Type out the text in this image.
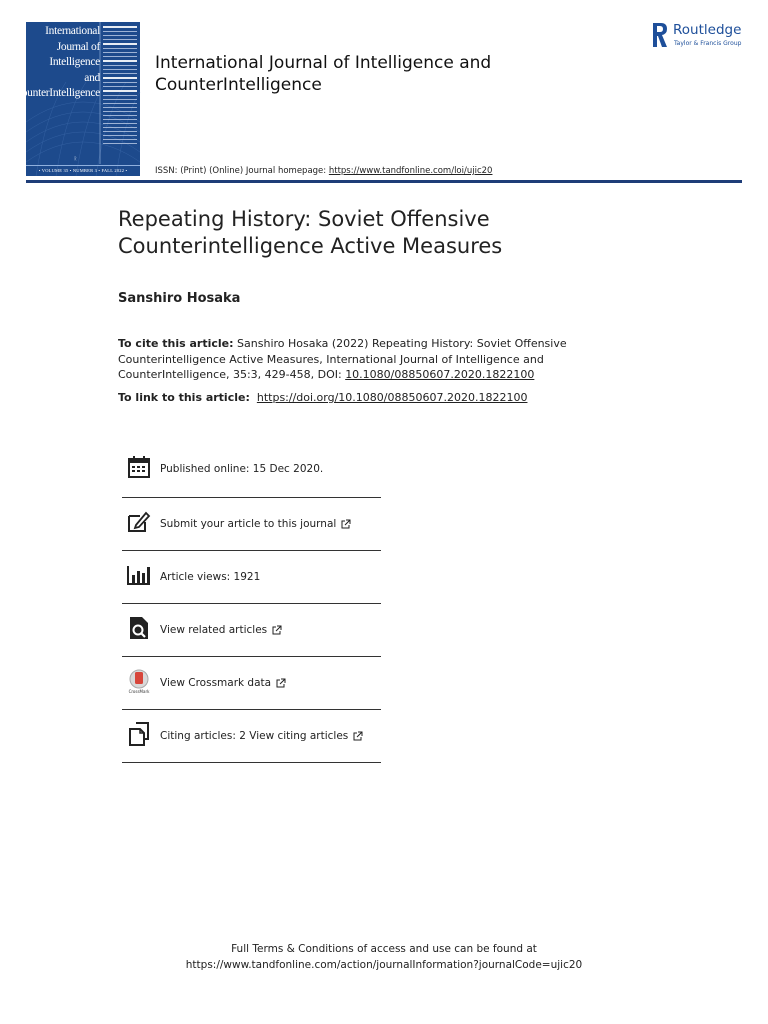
International
Journal of
Intelligence
and
CounterIntelligence
ᚱ
• VOLUME 35 • NUMBER 3 • FALL 2022 •
International Journal of Intelligence and CounterIntelligence
ISSN: (Print) (Online) Journal homepage: https://www.tandfonline.com/loi/ujic20
Routledge
Taylor & Francis Group
Repeating History: Soviet Offensive Counterintelligence Active Measures
Sanshiro Hosaka
To cite this article: Sanshiro Hosaka (2022) Repeating History: Soviet Offensive Counterintelligence Active Measures, International Journal of Intelligence and CounterIntelligence, 35:3, 429-458, DOI: 10.1080/08850607.2020.1822100
To link to this article: https://doi.org/10.1080/08850607.2020.1822100
Published online: 15 Dec 2020.
Submit your article to this journal
Article views: 1921
View related articles
CrossMark
View Crossmark data
Citing articles: 2 View citing articles
Full Terms & Conditions of access and use can be found at
https://www.tandfonline.com/action/journalInformation?journalCode=ujic20
